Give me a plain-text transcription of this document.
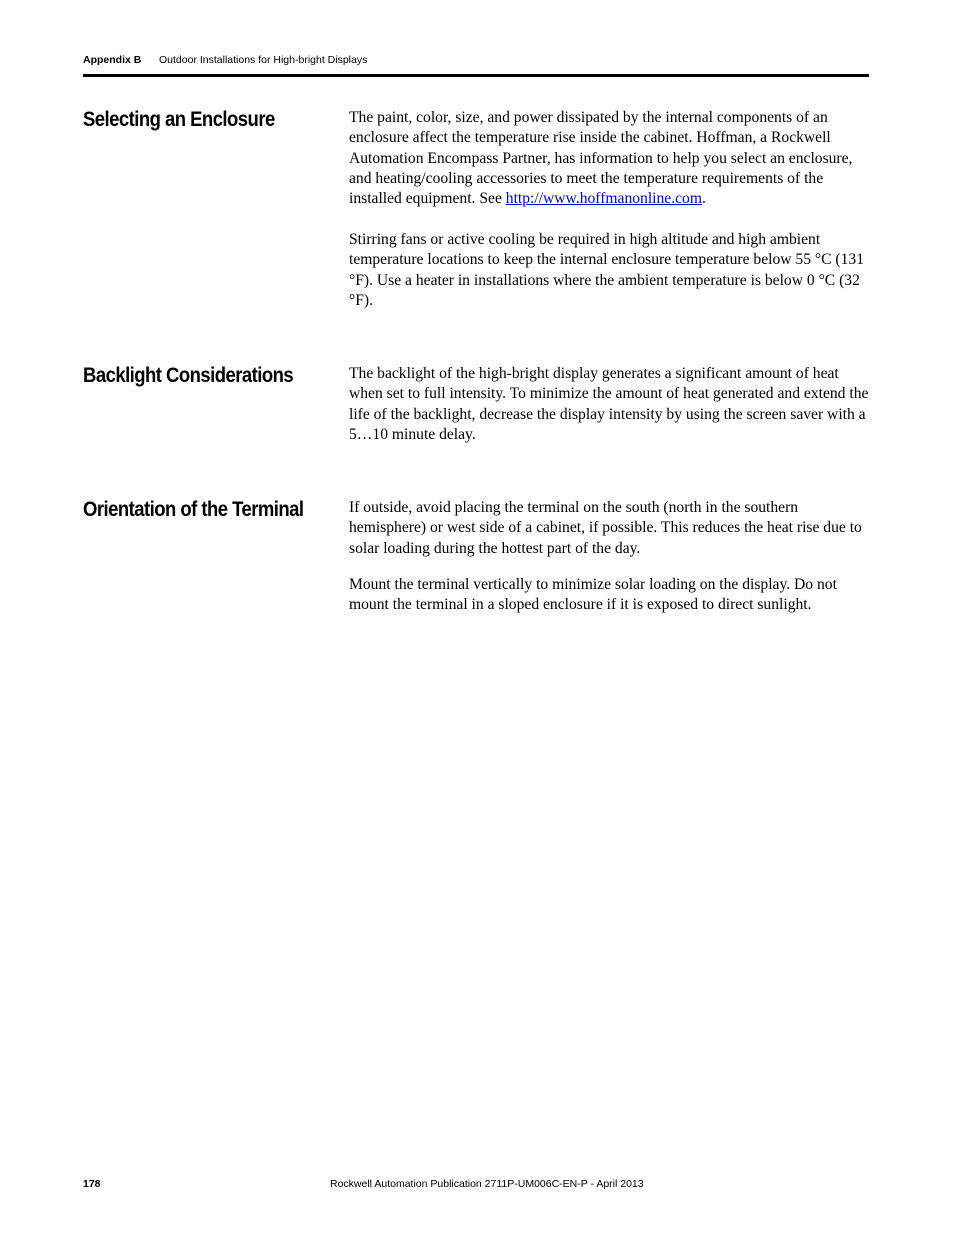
Appendix B Outdoor Installations for High-bright Displays
Selecting an Enclosure	The paint, color, size, and power dissipated by the internal components of an enclosure affect the temperature rise inside the cabinet. Hoffman, a Rockwell Automation Encompass Partner, has information to help you select an enclosure, and heating/cooling accessories to meet the temperature requirements of the installed equipment. See http://www.hoffmanonline.com.

Stirring fans or active cooling be required in high altitude and high ambient temperature locations to keep the internal enclosure temperature below 55 °C (131 °F). Use a heater in installations where the ambient temperature is below 0 °C (32 °F).

Backlight Considerations	The backlight of the high-bright display generates a significant amount of heat when set to full intensity. To minimize the amount of heat generated and extend the life of the backlight, decrease the display intensity by using the screen saver with a 5…10 minute delay.

Orientation of the Terminal	If outside, avoid placing the terminal on the south (north in the southern hemisphere) or west side of a cabinet, if possible. This reduces the heat rise due to solar loading during the hottest part of the day.

Mount the terminal vertically to minimize solar loading on the display. Do not mount the terminal in a sloped enclosure if it is exposed to direct sunlight.

178	Rockwell Automation Publication 2711P-UM006C-EN-P - April 2013
